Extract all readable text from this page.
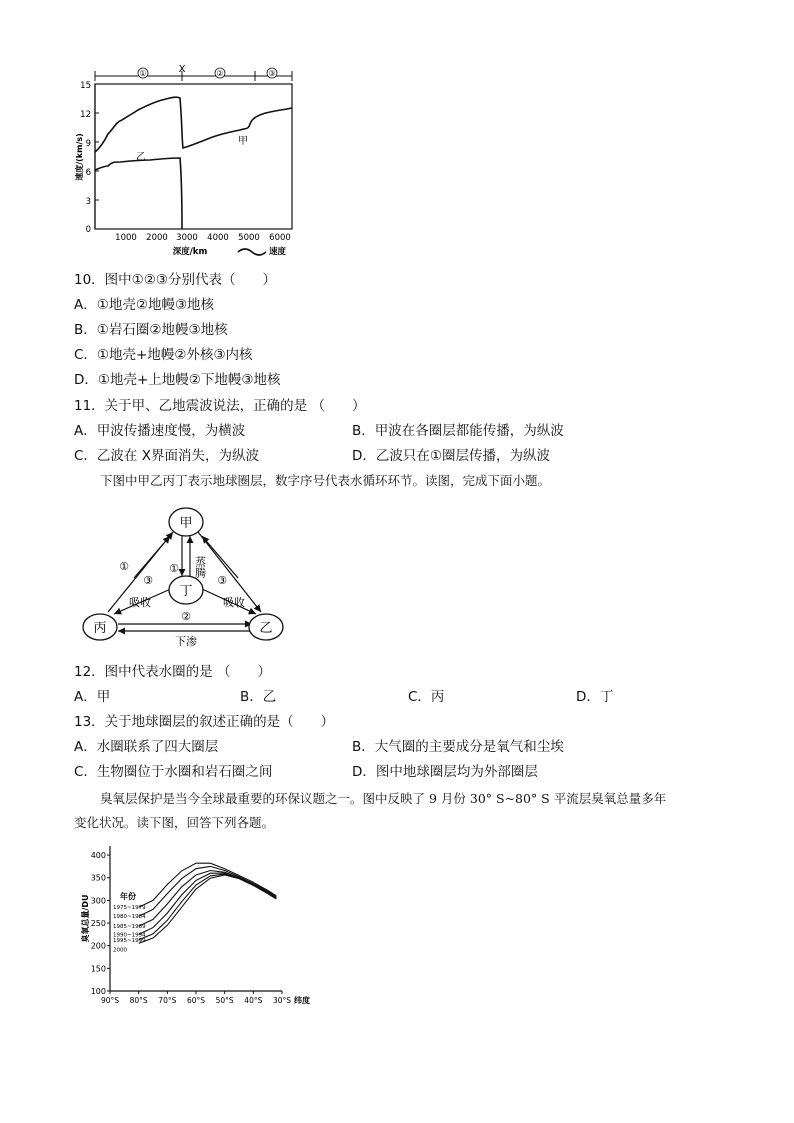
①	X	②	③
15
12
9
6
3
0
1000 2000 3000 4000 5000 6000
速度/(km/s)
深度/km	速度
甲
乙
10．图中①②③分别代表（　　）
A．①地壳②地幔③地核
B．①岩石圈②地幔③地核
C．①地壳+地幔②外核③内核
D．①地壳+上地幔②下地幔③地核
11．关于甲、乙地震波说法，正确的是 （　　）
A．甲波传播速度慢，为横波	B．甲波在各圈层都能传播，为纵波
C．乙波在 X界面消失，为纵波	D．乙波只在①圈层传播，为纵波
下图中甲乙丙丁表示地球圈层，数字序号代表水循环环节。读图，完成下面小题。
甲
丁
丙	乙
①	①
②
③	③
蒸腾
吸收	吸收
下渗
12．图中代表水圈的是 （　　）
A．甲	B．乙	C．丙	D．丁
13．关于地球圈层的叙述正确的是（　　）
A．水圈联系了四大圈层	B．大气圈的主要成分是氧气和尘埃
C．生物圈位于水圈和岩石圈之间	D．图中地球圈层均为外部圈层
臭氧层保护是当今全球最重要的环保议题之一。图中反映了 9 月份 30° S~80° S 平流层臭氧总量多年
变化状况。读下图，回答下列各题。
100
150
200
250
300
350
400
90°S 80°S 70°S 60°S 50°S 40°S 30°S 纬度
臭氧总量/DU	年份
1975~1979
1980~1984
1985~1989
1990~1994
1995~1999
2000
